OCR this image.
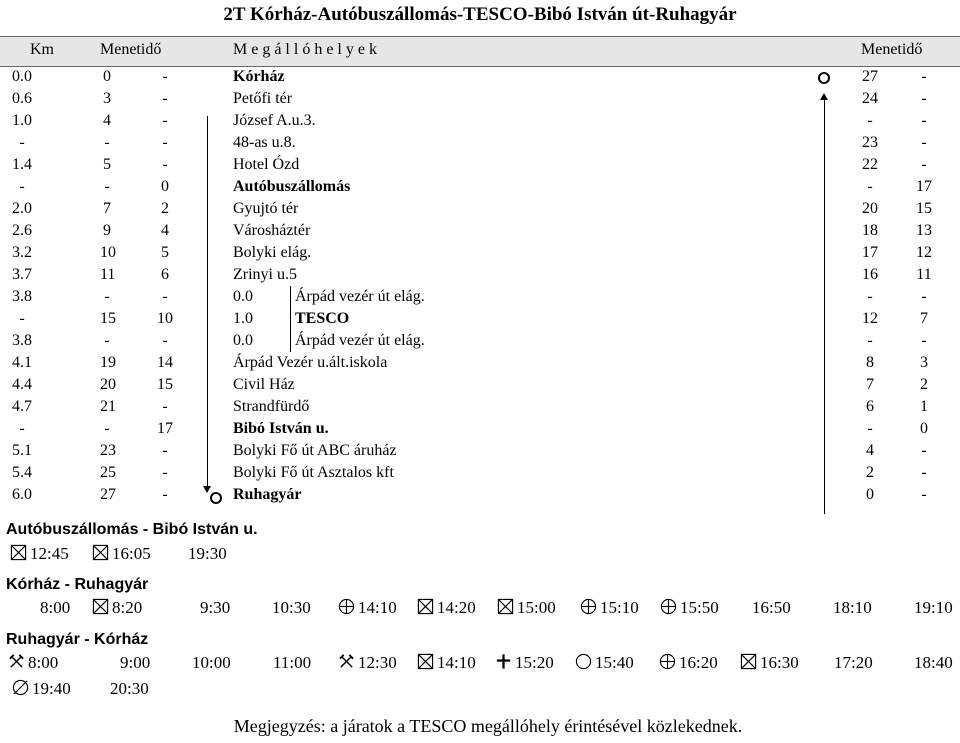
2T Kórház-Autóbuszállomás-TESCO-Bibó István út-Ruhagyár
Km	Menetidő	M e g á l l ó h e l y e k	Menetidő
0.0	0	-	Kórház	27	-
0.6	3	-	Petőfi tér	24	-
1.0	4	-	József A.u.3.	-	-
-	-	-	48-as u.8.	23	-
1.4	5	-	Hotel Ózd	22	-
-	-	0	Autóbuszállomás	-	17
2.0	7	2	Gyujtó tér	20	15
2.6	9	4	Városháztér	18	13
3.2	10	5	Bolyki elág.	17	12
3.7	11	6	Zrinyi u.5	16	11
3.8	-	-	0.0	Árpád vezér út elág.	-	-
-	15	10	1.0	TESCO	12	7
3.8	-	-	0.0	Árpád vezér út elág.	-	-
4.1	19	14	Árpád Vezér u.ált.iskola	8	3
4.4	20	15	Civil Ház	7	2
4.7	21	-	Strandfürdő	6	1
-	-	17	Bibó István u.	-	0
5.1	23	-	Bolyki Fő út ABC áruház	4	-
5.4	25	-	Bolyki Fő út Asztalos kft	2	-
6.0	27	-	Ruhagyár	0	-
Autóbuszállomás - Bibó István u.
12:45	16:05 19:30
Kórház - Ruhagyár
8:00	8:20	9:30 10:30	14:10	14:20	15:00	15:10	15:50 16:50 18:10 19:10
Ruhagyár - Kórház
8:00	9:00 10:00 11:00	12:30	14:10	15:20	15:40	16:20	16:30 17:20 18:40
19:40 20:30
Megjegyzés: a járatok a TESCO megállóhely érintésével közlekednek.
